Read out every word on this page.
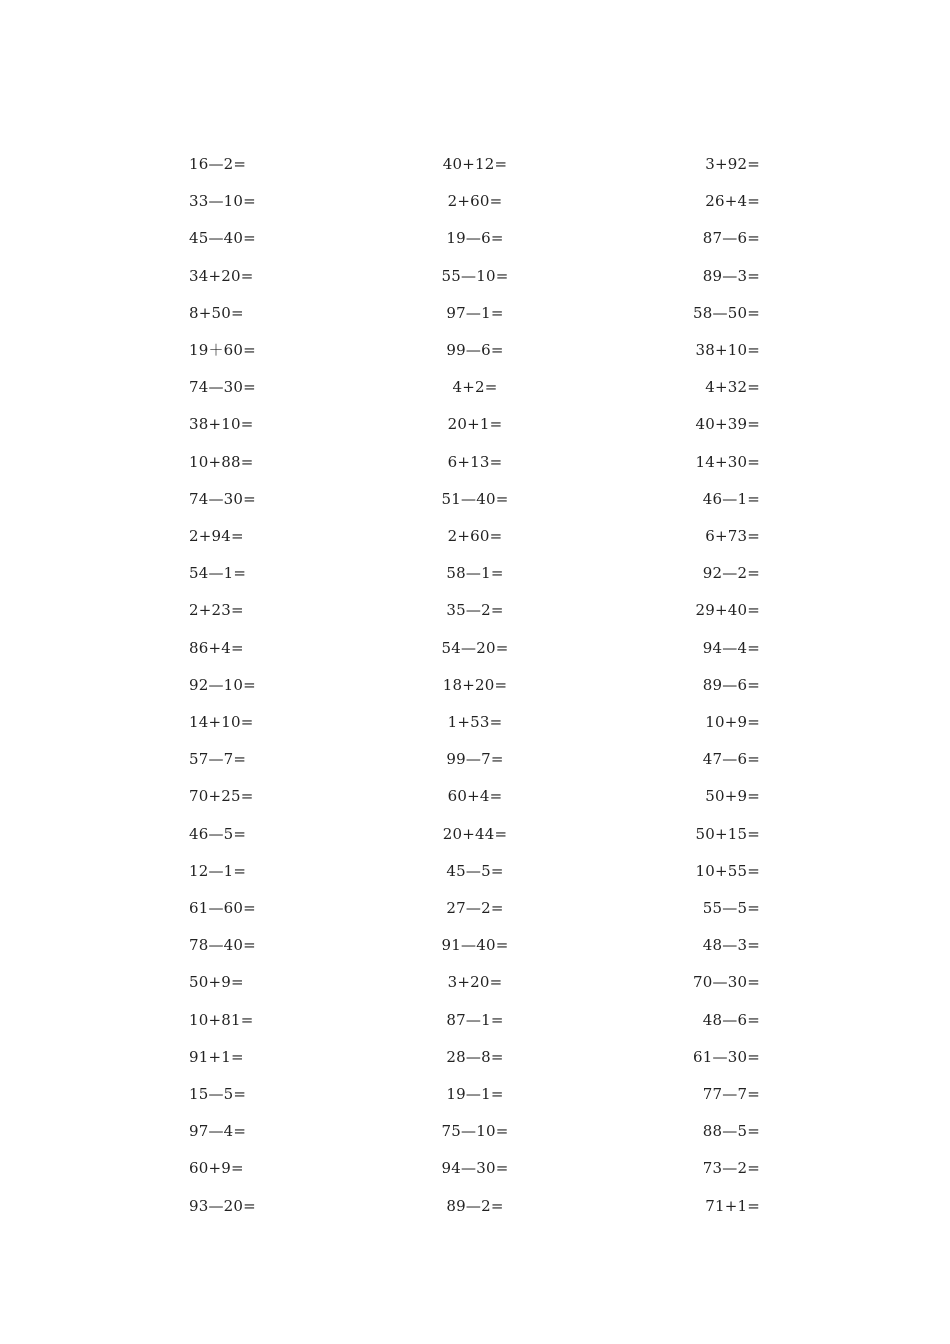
16—2=	40+12=	3+92=
33—10=	2+60=	26+4=
45—40=	19—6=	87—6=
34+20=	55—10=	89—3=
8+50=	97—1=	58—50=
19＋60=	99—6=	38+10=
74—30=	4+2=	4+32=
38+10=	20+1=	40+39=
10+88=	6+13=	14+30=
74—30=	51—40=	46—1=
2+94=	2+60=	6+73=
54—1=	58—1=	92—2=
2+23=	35—2=	29+40=
86+4=	54—20=	94—4=
92—10=	18+20=	89—6=
14+10=	1+53=	10+9=
57—7=	99—7=	47—6=
70+25=	60+4=	50+9=
46—5=	20+44=	50+15=
12—1=	45—5=	10+55=
61—60=	27—2=	55—5=
78—40=	91—40=	48—3=
50+9=	3+20=	70—30=
10+81=	87—1=	48—6=
91+1=	28—8=	61—30=
15—5=	19—1=	77—7=
97—4=	75—10=	88—5=
60+9=	94—30=	73—2=
93—20=	89—2=	71+1=
